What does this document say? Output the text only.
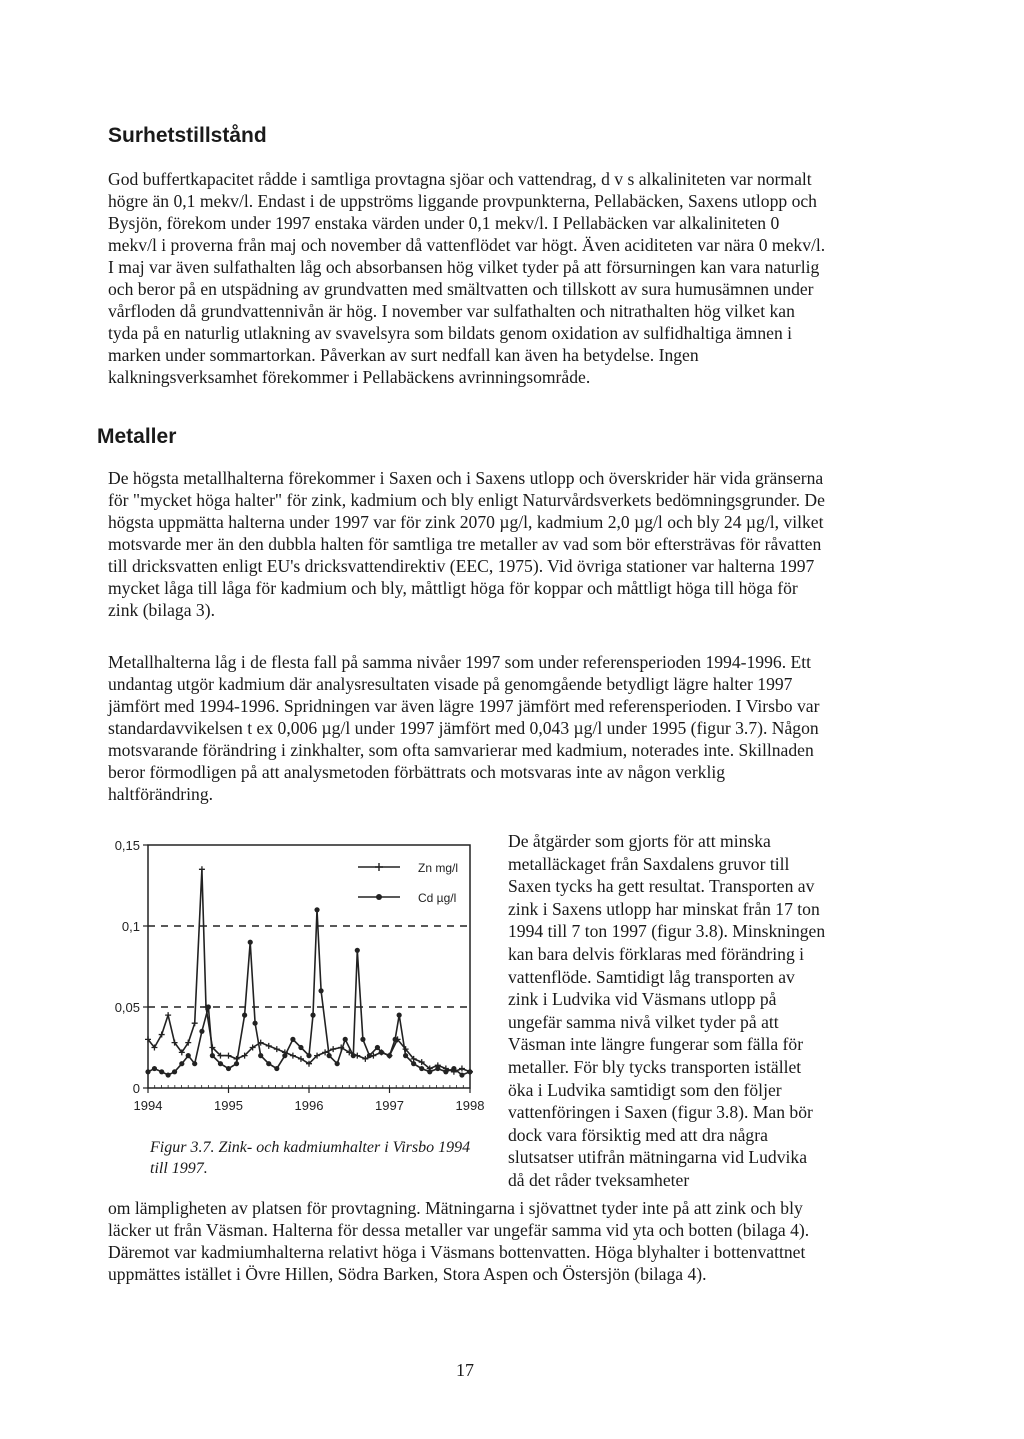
Surhetstillstånd

God buffertkapacitet rådde i samtliga provtagna sjöar och vattendrag, d v s alkaliniteten var normalt högre än 0,1 mekv/l. Endast i de uppströms liggande provpunkterna, Pellabäcken, Saxens utlopp och Bysjön, förekom under 1997 enstaka värden under 0,1 mekv/l. I Pellabäcken var alkaliniteten 0 mekv/l i proverna från maj och november då vattenflödet var högt. Även aciditeten var nära 0 mekv/l. I maj var även sulfathalten låg och absorbansen hög vilket tyder på att försurningen kan vara naturlig och beror på en utspädning av grundvatten med smältvatten och tillskott av sura humusämnen under vårfloden då grundvattennivån är hög. I november var sulfathalten och nitrathalten hög vilket kan tyda på en naturlig utlakning av svavelsyra som bildats genom oxidation av sulfidhaltiga ämnen i marken under sommartorkan. Påverkan av surt nedfall kan även ha betydelse. Ingen kalkningsverksamhet förekommer i Pellabäckens avrinningsområde.

Metaller

De högsta metallhalterna förekommer i Saxen och i Saxens utlopp och överskrider här vida gränserna för "mycket höga halter" för zink, kadmium och bly enligt Naturvårdsverkets bedömningsgrunder. De högsta uppmätta halterna under 1997 var för zink 2070 µg/l, kadmium 2,0 µg/l och bly 24 µg/l, vilket motsvarde mer än den dubbla halten för samtliga tre metaller av vad som bör eftersträvas för råvatten till dricksvatten enligt EU's dricksvattendirektiv (EEC, 1975). Vid övriga stationer var halterna 1997 mycket låga till låga för kadmium och bly, måttligt höga för koppar och måttligt höga till höga för zink (bilaga 3).

Metallhalterna låg i de flesta fall på samma nivåer 1997 som under referensperioden 1994-1996. Ett undantag utgör kadmium där analysresultaten visade på genomgående betydligt lägre halter 1997 jämfört med 1994-1996. Spridningen var även lägre 1997 jämfört med referensperioden. I Virsbo var standardavvikelsen t ex 0,006 µg/l under 1997 jämfört med 0,043 µg/l under 1995 (figur 3.7). Någon motsvarande förändring i zinkhalter, som ofta samvarierar med kadmium, noterades inte. Skillnaden beror förmodligen på att analysmetoden förbättrats och motsvaras inte av någon verklig haltförändring.

0
0,05
0,1
0,15
1994	1995	1996	1997	1998
Zn mg/l
Cd µg/l

Figur 3.7. Zink- och kadmiumhalter i Virsbo 1994 till 1997.

De åtgärder som gjorts för att minska metalläckaget från Saxdalens gruvor till Saxen tycks ha gett resultat. Transporten av zink i Saxens utlopp har minskat från 17 ton 1994 till 7 ton 1997 (figur 3.8). Minskningen kan bara delvis förklaras med förändring i vattenflöde. Samtidigt låg transporten av zink i Ludvika vid Väsmans utlopp på ungefär samma nivå vilket tyder på att Väsman inte längre fungerar som fälla för metaller. För bly tycks transporten istället öka i Ludvika samtidigt som den följer vattenföringen i Saxen (figur 3.8). Man bör dock vara försiktig med att dra några slutsatser utifrån mätningarna vid Ludvika då det råder tveksamheter

om lämpligheten av platsen för provtagning. Mätningarna i sjövattnet tyder inte på att zink och bly läcker ut från Väsman. Halterna för dessa metaller var ungefär samma vid yta och botten (bilaga 4). Däremot var kadmiumhalterna relativt höga i Väsmans bottenvatten. Höga blyhalter i bottenvattnet uppmättes istället i Övre Hillen, Södra Barken, Stora Aspen och Östersjön (bilaga 4).

17
